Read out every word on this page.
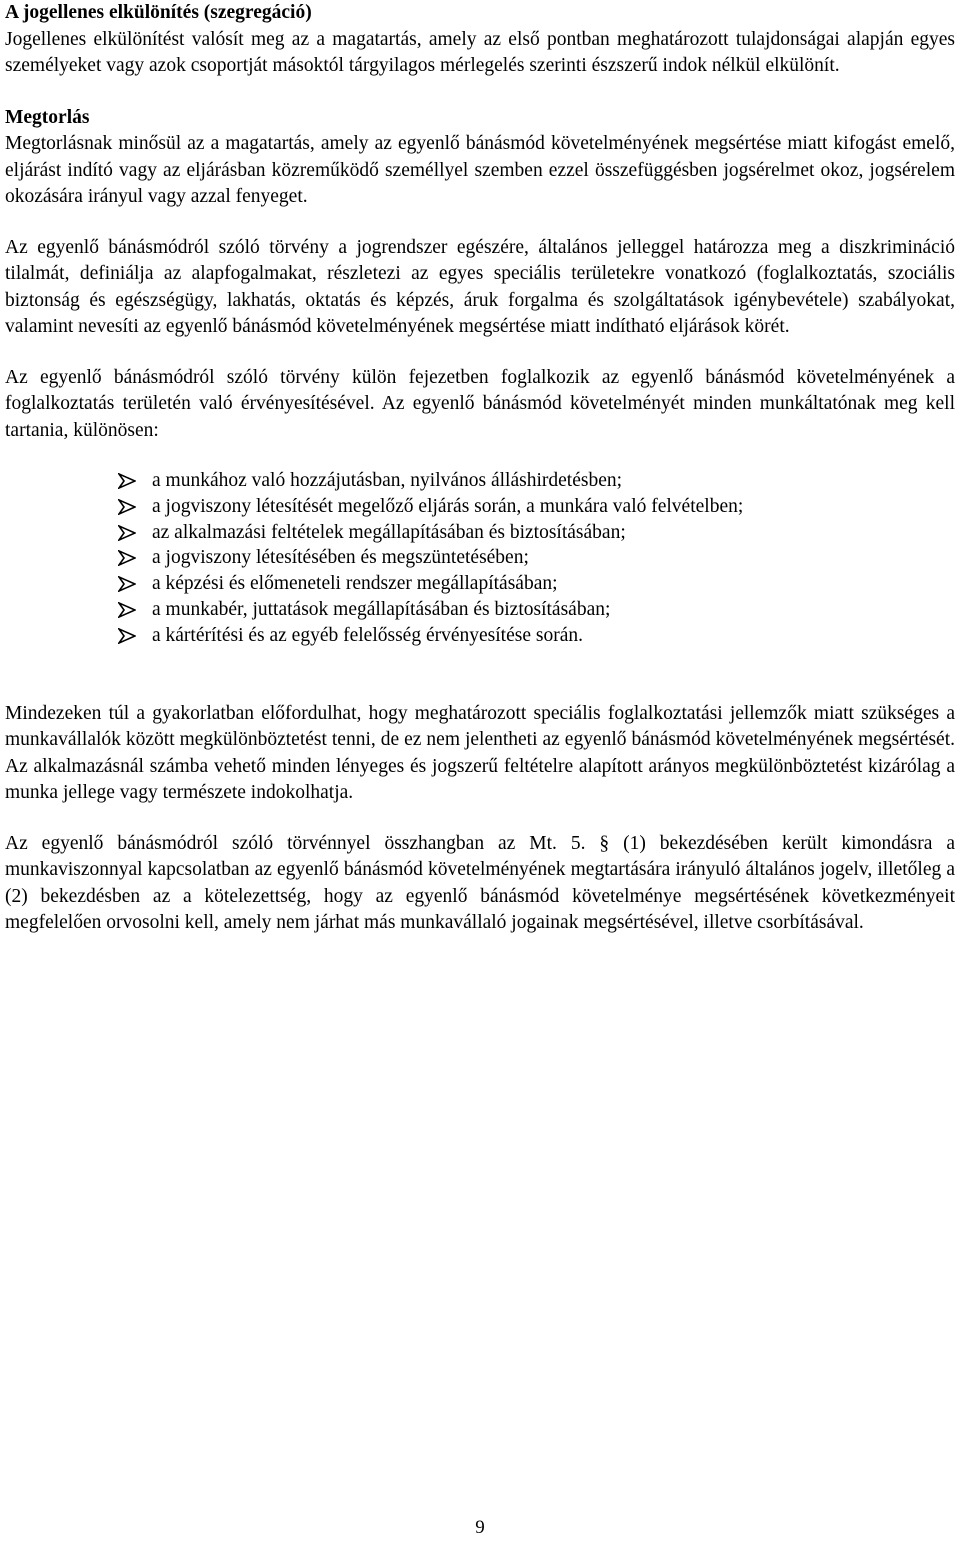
A jogellenes elkülönítés (szegregáció)

Jogellenes elkülönítést valósít meg az a magatartás, amely az első pontban meghatározott tulajdonságai alapján egyes személyeket vagy azok csoportját másoktól tárgyilagos mérlegelés szerinti észszerű indok nélkül elkülönít.

Megtorlás

Megtorlásnak minősül az a magatartás, amely az egyenlő bánásmód követelményének megsértése miatt kifogást emelő, eljárást indító vagy az eljárásban közreműködő személlyel szemben ezzel összefüggésben jogsérelmet okoz, jogsérelem okozására irányul vagy azzal fenyeget.

Az egyenlő bánásmódról szóló törvény a jogrendszer egészére, általános jelleggel határozza meg a diszkrimináció tilalmát, definiálja az alapfogalmakat, részletezi az egyes speciális területekre vonatkozó (foglalkoztatás, szociális biztonság és egészségügy, lakhatás, oktatás és képzés, áruk forgalma és szolgáltatások igénybevétele) szabályokat, valamint nevesíti az egyenlő bánásmód követelményének megsértése miatt indítható eljárások körét.

Az egyenlő bánásmódról szóló törvény külön fejezetben foglalkozik az egyenlő bánásmód követelményének a foglalkoztatás területén való érvényesítésével. Az egyenlő bánásmód követelményét minden munkáltatónak meg kell tartania, különösen:

a munkához való hozzájutásban, nyilvános álláshirdetésben;
a jogviszony létesítését megelőző eljárás során, a munkára való felvételben;
az alkalmazási feltételek megállapításában és biztosításában;
a jogviszony létesítésében és megszüntetésében;
a képzési és előmeneteli rendszer megállapításában;
a munkabér, juttatások megállapításában és biztosításában;
a kártérítési és az egyéb felelősség érvényesítése során.

Mindezeken túl a gyakorlatban előfordulhat, hogy meghatározott speciális foglalkoztatási jellemzők miatt szükséges a munkavállalók között megkülönböztetést tenni, de ez nem jelentheti az egyenlő bánásmód követelményének megsértését. Az alkalmazásnál számba vehető minden lényeges és jogszerű feltételre alapított arányos megkülönböztetést kizárólag a munka jellege vagy természete indokolhatja.

Az egyenlő bánásmódról szóló törvénnyel összhangban az Mt. 5. § (1) bekezdésében került kimondásra a munkaviszonnyal kapcsolatban az egyenlő bánásmód követelményének megtartására irányuló általános jogelv, illetőleg a (2) bekezdésben az a kötelezettség, hogy az egyenlő bánásmód követelménye megsértésének következményeit megfelelően orvosolni kell, amely nem járhat más munkavállaló jogainak megsértésével, illetve csorbításával.

9
